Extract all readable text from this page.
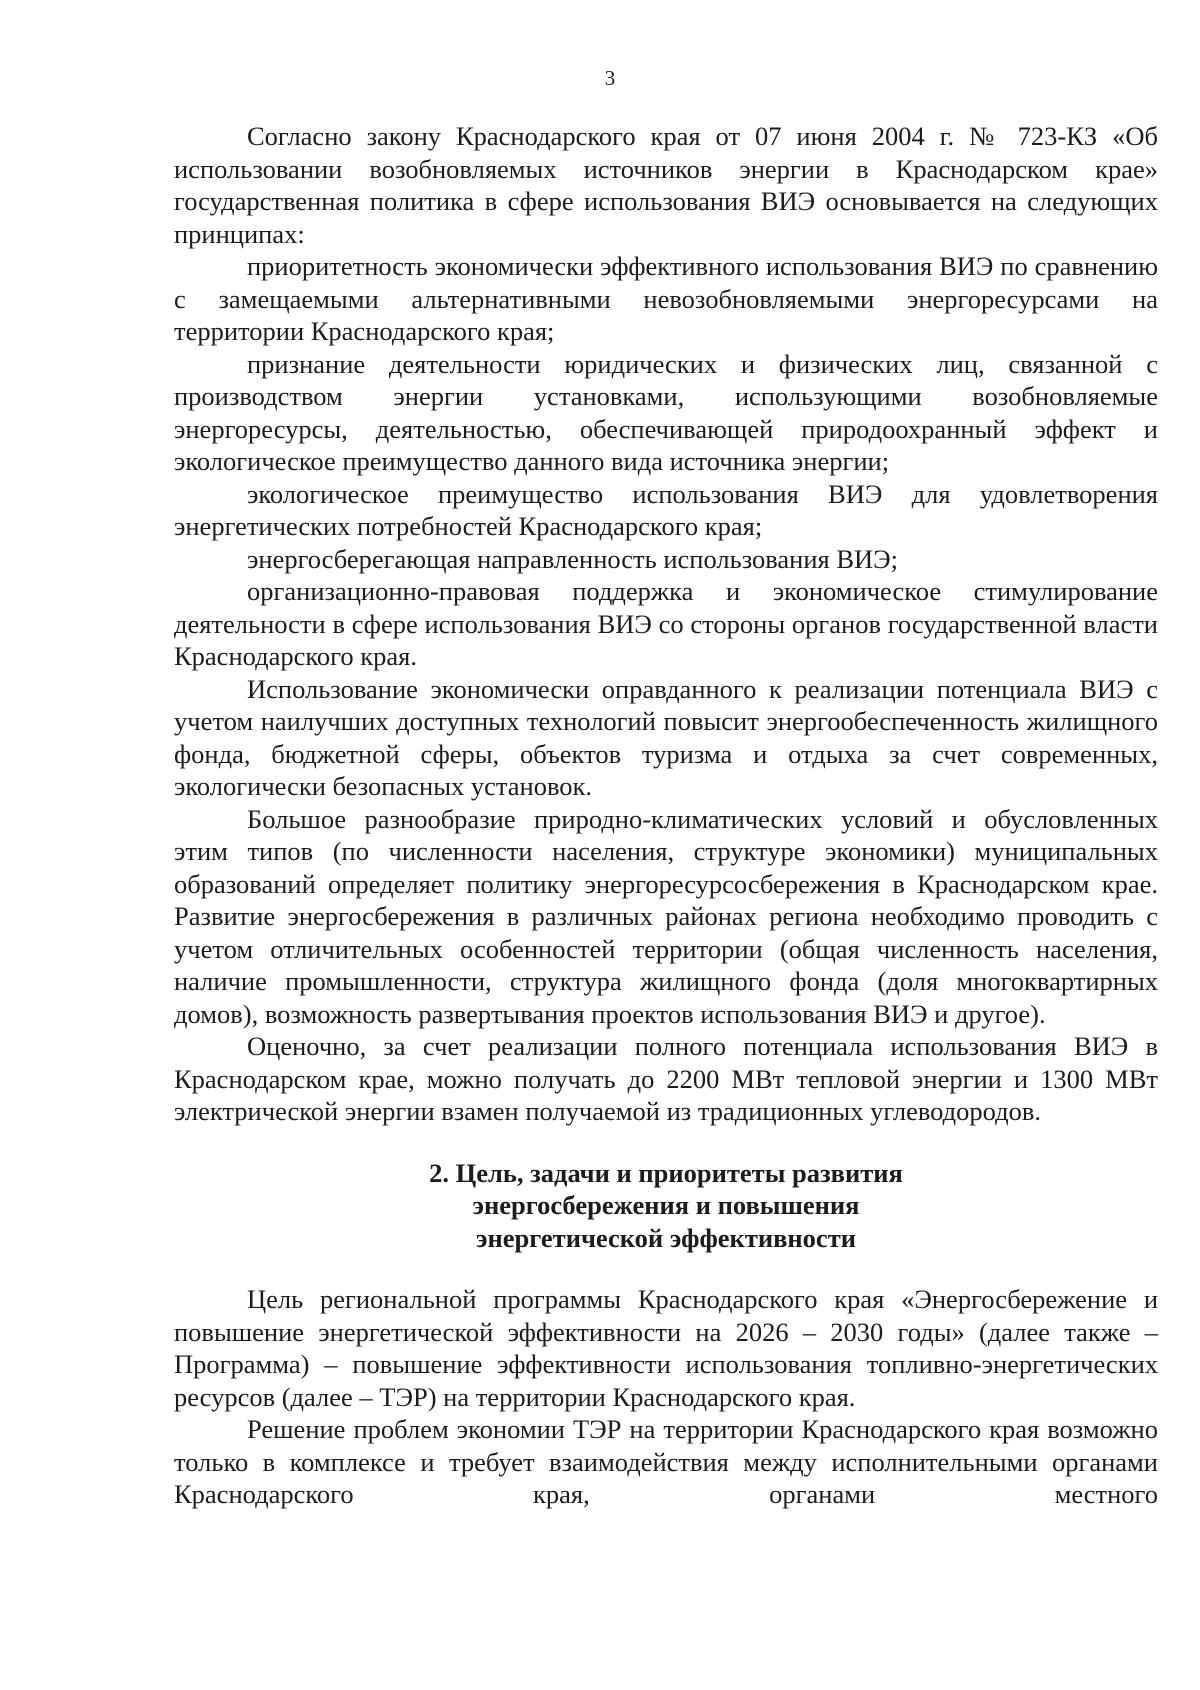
3

Согласно закону Краснодарского края от 07 июня 2004 г. № 723-КЗ «Об использовании возобновляемых источников энергии в Краснодарском крае» государственная политика в сфере использования ВИЭ основывается на следующих принципах:

приоритетность экономически эффективного использования ВИЭ по сравнению с замещаемыми альтернативными невозобновляемыми энергоресурсами на территории Краснодарского края;

признание деятельности юридических и физических лиц, связанной с производством энергии установками, использующими возобновляемые энергоресурсы, деятельностью, обеспечивающей природоохранный эффект и экологическое преимущество данного вида источника энергии;

экологическое преимущество использования ВИЭ для удовлетворения энергетических потребностей Краснодарского края;

энергосберегающая направленность использования ВИЭ;

организационно-правовая поддержка и экономическое стимулирование деятельности в сфере использования ВИЭ со стороны органов государственной власти Краснодарского края.

Использование экономически оправданного к реализации потенциала ВИЭ с учетом наилучших доступных технологий повысит энергообеспеченность жилищного фонда, бюджетной сферы, объектов туризма и отдыха за счет современных, экологически безопасных установок.

Большое разнообразие природно-климатических условий и обусловленных этим типов (по численности населения, структуре экономики) муниципальных образований определяет политику энергоресурсосбережения в Краснодарском крае. Развитие энергосбережения в различных районах региона необходимо проводить с учетом отличительных особенностей территории (общая численность населения, наличие промышленности, структура жилищного фонда (доля многоквартирных домов), возможность развертывания проектов использования ВИЭ и другое).

Оценочно, за счет реализации полного потенциала использования ВИЭ в Краснодарском крае, можно получать до 2200 МВт тепловой энергии и 1300 МВт электрической энергии взамен получаемой из традиционных углеводородов.

2. Цель, задачи и приоритеты развития
энергосбережения и повышения
энергетической эффективности

Цель региональной программы Краснодарского края «Энергосбережение и повышение энергетической эффективности на 2026 – 2030 годы» (далее также – Программа) – повышение эффективности использования топливно-энергетических ресурсов (далее – ТЭР) на территории Краснодарского края.

Решение проблем экономии ТЭР на территории Краснодарского края возможно только в комплексе и требует взаимодействия между исполнительными органами Краснодарского края, органами местного
